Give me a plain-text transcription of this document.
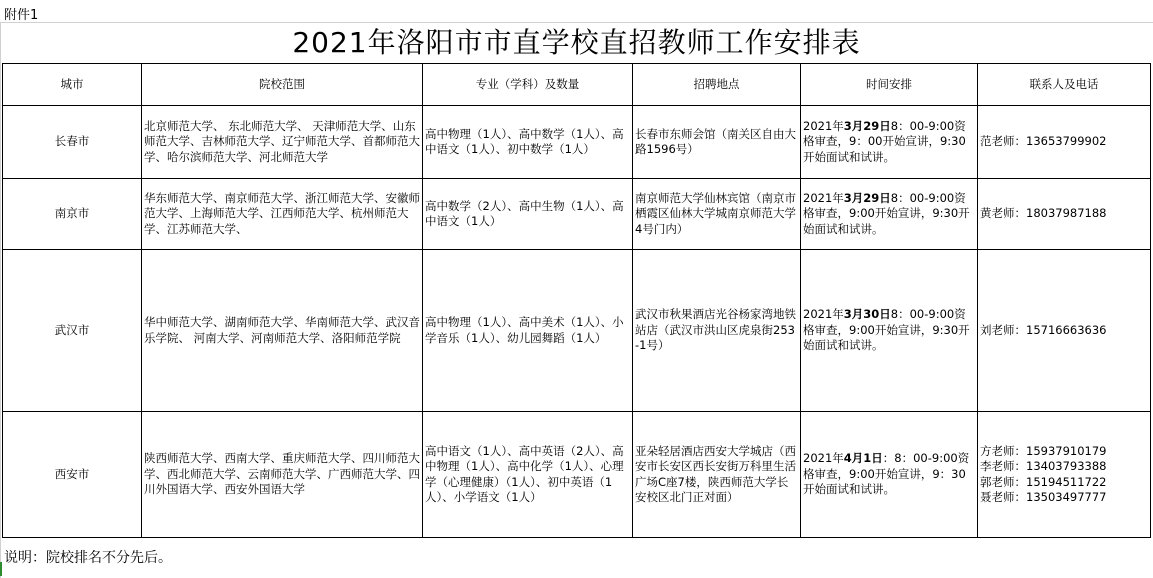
附件1
2021年洛阳市市直学校直招教师工作安排表
城市	院校范围	专业（学科）及数量	招聘地点	时间安排	联系人及电话
长春市	北京师范大学、 东北师范大学、 天津师范大学、山东师范大学、吉林师范大学、辽宁师范大学、首都师范大学、哈尔滨师范大学、河北师范大学	高中物理（1人）、高中数学（1人）、高中语文（1人）、初中数学（1人）	长春市东师会馆（南关区自由大路1596号）	2021年3月29日8：00-9:00资格审查，9：00开始宣讲，9:30开始面试和试讲。	范老师：13653799902

南京市	华东师范大学、南京师范大学、浙江师范大学、安徽师范大学、上海师范大学、江西师范大学、杭州师范大学、江苏师范大学、	高中数学（2人）、高中生物（1人）、高中语文（1人）	南京师范大学仙林宾馆（南京市栖霞区仙林大学城南京师范大学4号门内）	2021年3月29日8：00-9:00资格审查，9:00开始宣讲，9:30开始面试和试讲。	黄老师：18037987188

武汉市	华中师范大学、湖南师范大学、华南师范大学、武汉音乐学院、 河南大学、河南师范大学、洛阳师范学院	高中物理（1人）、高中美术（1人）、小学音乐（1人）、幼儿园舞蹈（1人）	武汉市秋果酒店光谷杨家湾地铁站店（武汉市洪山区虎泉街253-1号）	2021年3月30日8：00-9:00资格审查，9:00开始宣讲，9:30开始面试和试讲。	刘老师：15716663636

西安市	陕西师范大学、西南大学、重庆师范大学、四川师范大学、西北师范大学、云南师范大学、广西师范大学、四川外国语大学、西安外国语大学	高中语文（1人）、高中英语（2人）、高中物理（1人）、高中化学（1人）、心理学（心理健康）（1人）、初中英语（1人）、小学语文（1人）	亚朵轻居酒店西安大学城店（西安市长安区西长安街万科里生活广场C座7楼，陕西师范大学长安校区北门正对面）	2021年4月1日：8：00-9:00资格审查，9:00开始宣讲，9：30开始面试和试讲。	方老师：15937910179
李老师：13403793388
郭老师：15194511722
聂老师：13503497777
说明：院校排名不分先后。
